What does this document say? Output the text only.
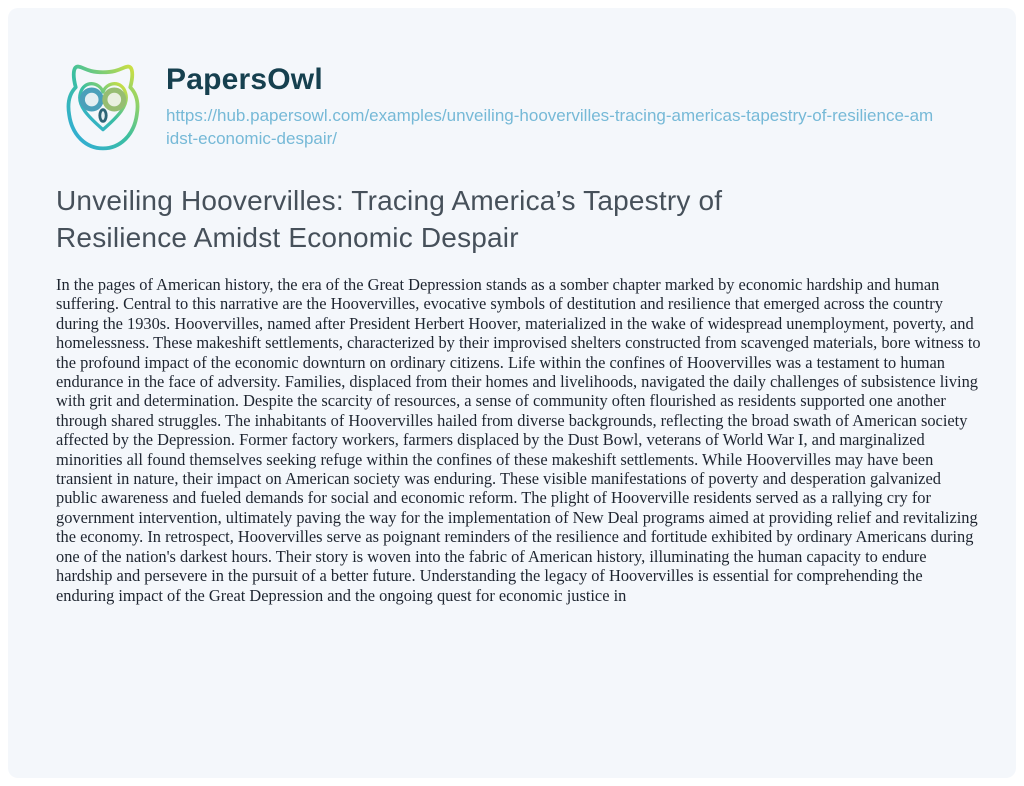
PapersOwl
https://hub.papersowl.com/examples/unveiling-hoovervilles-tracing-americas-tapestry-of-resilience-amidst-economic-despair/
Unveiling Hoovervilles: Tracing America’s Tapestry of Resilience Amidst Economic Despair

In the pages of American history, the era of the Great Depression stands as a somber chapter marked by economic hardship and human suffering. Central to this narrative are the Hoovervilles, evocative symbols of destitution and resilience that emerged across the country during the 1930s. Hoovervilles, named after President Herbert Hoover, materialized in the wake of widespread unemployment, poverty, and homelessness. These makeshift settlements, characterized by their improvised shelters constructed from scavenged materials, bore witness to the profound impact of the economic downturn on ordinary citizens. Life within the confines of Hoovervilles was a testament to human endurance in the face of adversity. Families, displaced from their homes and livelihoods, navigated the daily challenges of subsistence living with grit and determination. Despite the scarcity of resources, a sense of community often flourished as residents supported one another through shared struggles. The inhabitants of Hoovervilles hailed from diverse backgrounds, reflecting the broad swath of American society affected by the Depression. Former factory workers, farmers displaced by the Dust Bowl, veterans of World War I, and marginalized minorities all found themselves seeking refuge within the confines of these makeshift settlements. While Hoovervilles may have been transient in nature, their impact on American society was enduring. These visible manifestations of poverty and desperation galvanized public awareness and fueled demands for social and economic reform. The plight of Hooverville residents served as a rallying cry for government intervention, ultimately paving the way for the implementation of New Deal programs aimed at providing relief and revitalizing the economy. In retrospect, Hoovervilles serve as poignant reminders of the resilience and fortitude exhibited by ordinary Americans during one of the nation's darkest hours. Their story is woven into the fabric of American history, illuminating the human capacity to endure hardship and persevere in the pursuit of a better future. Understanding the legacy of Hoovervilles is essential for comprehending the enduring impact of the Great Depression and the ongoing quest for economic justice in
